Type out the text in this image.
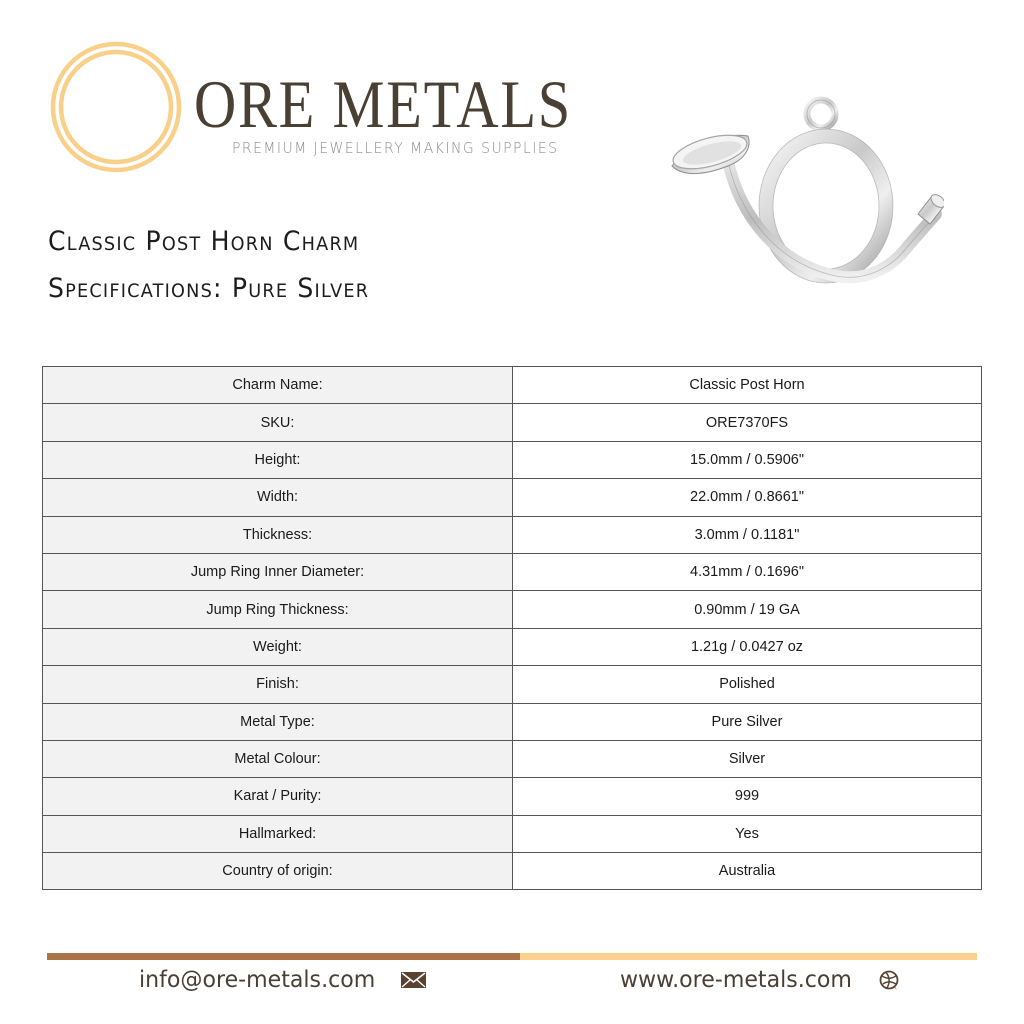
ORE METALS
PREMIUM JEWELLERY MAKING SUPPLIES
Classic Post Horn Charm
Specifications: Pure Silver
Charm Name:	Classic Post Horn
SKU:	ORE7370FS
Height:	15.0mm / 0.5906"
Width:	22.0mm / 0.8661"
Thickness:	3.0mm / 0.1181"
Jump Ring Inner Diameter:	4.31mm / 0.1696"
Jump Ring Thickness:	0.90mm / 19 GA
Weight:	1.21g / 0.0427 oz
Finish:	Polished
Metal Type:	Pure Silver
Metal Colour:	Silver
Karat / Purity:	999
Hallmarked:	Yes
Country of origin:	Australia
info@ore-metals.com	www.ore-metals.com
